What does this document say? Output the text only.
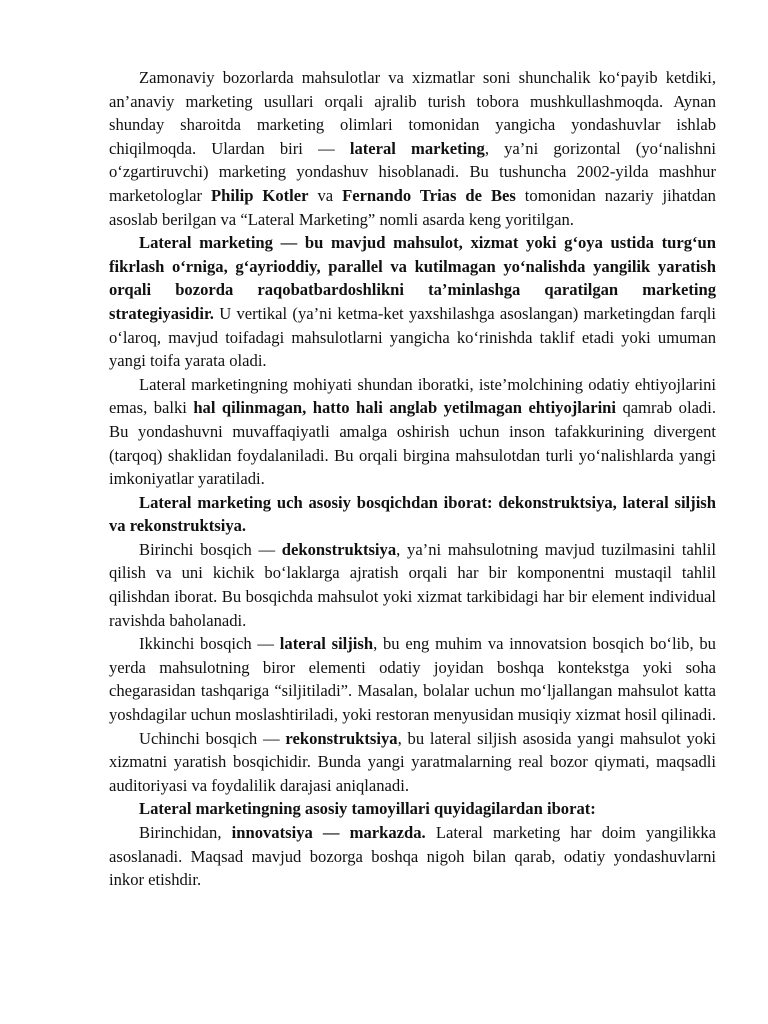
Zamonaviy bozorlarda mahsulotlar va xizmatlar soni shunchalik ko‘payib ketdiki, an’anaviy marketing usullari orqali ajralib turish tobora mushkullashmoqda. Aynan shunday sharoitda marketing olimlari tomonidan yangicha yondashuvlar ishlab chiqilmoqda. Ulardan biri — lateral marketing, ya’ni gorizontal (yo‘nalishni o‘zgartiruvchi) marketing yondashuv hisoblanadi. Bu tushuncha 2002-yilda mashhur marketologlar Philip Kotler va Fernando Trias de Bes tomonidan nazariy jihatdan asoslab berilgan va “Lateral Marketing” nomli asarda keng yoritilgan.

Lateral marketing — bu mavjud mahsulot, xizmat yoki g‘oya ustida turg‘un fikrlash o‘rniga, g‘ayrioddiy, parallel va kutilmagan yo‘nalishda yangilik yaratish orqali bozorda raqobatbardoshlikni ta’minlashga qaratilgan marketing strategiyasidir. U vertikal (ya’ni ketma-ket yaxshilashga asoslangan) marketingdan farqli o‘laroq, mavjud toifadagi mahsulotlarni yangicha ko‘rinishda taklif etadi yoki umuman yangi toifa yarata oladi.

Lateral marketingning mohiyati shundan iboratki, iste’molchining odatiy ehtiyojlarini emas, balki hal qilinmagan, hatto hali anglab yetilmagan ehtiyojlarini qamrab oladi. Bu yondashuvni muvaffaqiyatli amalga oshirish uchun inson tafakkurining divergent (tarqoq) shaklidan foydalaniladi. Bu orqali birgina mahsulotdan turli yo‘nalishlarda yangi imkoniyatlar yaratiladi.

Lateral marketing uch asosiy bosqichdan iborat: dekonstruktsiya, lateral siljish va rekonstruktsiya.

Birinchi bosqich — dekonstruktsiya, ya’ni mahsulotning mavjud tuzilmasini tahlil qilish va uni kichik bo‘laklarga ajratish orqali har bir komponentni mustaqil tahlil qilishdan iborat. Bu bosqichda mahsulot yoki xizmat tarkibidagi har bir element individual ravishda baholanadi.

Ikkinchi bosqich — lateral siljish, bu eng muhim va innovatsion bosqich bo‘lib, bu yerda mahsulotning biror elementi odatiy joyidan boshqa kontekstga yoki soha chegarasidan tashqariga “siljitiladi”. Masalan, bolalar uchun mo‘ljallangan mahsulot katta yoshdagilar uchun moslashtiriladi, yoki restoran menyusidan musiqiy xizmat hosil qilinadi.

Uchinchi bosqich — rekonstruktsiya, bu lateral siljish asosida yangi mahsulot yoki xizmatni yaratish bosqichidir. Bunda yangi yaratmalarning real bozor qiymati, maqsadli auditoriyasi va foydalilik darajasi aniqlanadi.

Lateral marketingning asosiy tamoyillari quyidagilardan iborat:

Birinchidan, innovatsiya — markazda. Lateral marketing har doim yangilikka asoslanadi. Maqsad mavjud bozorga boshqa nigoh bilan qarab, odatiy yondashuvlarni inkor etishdir.
